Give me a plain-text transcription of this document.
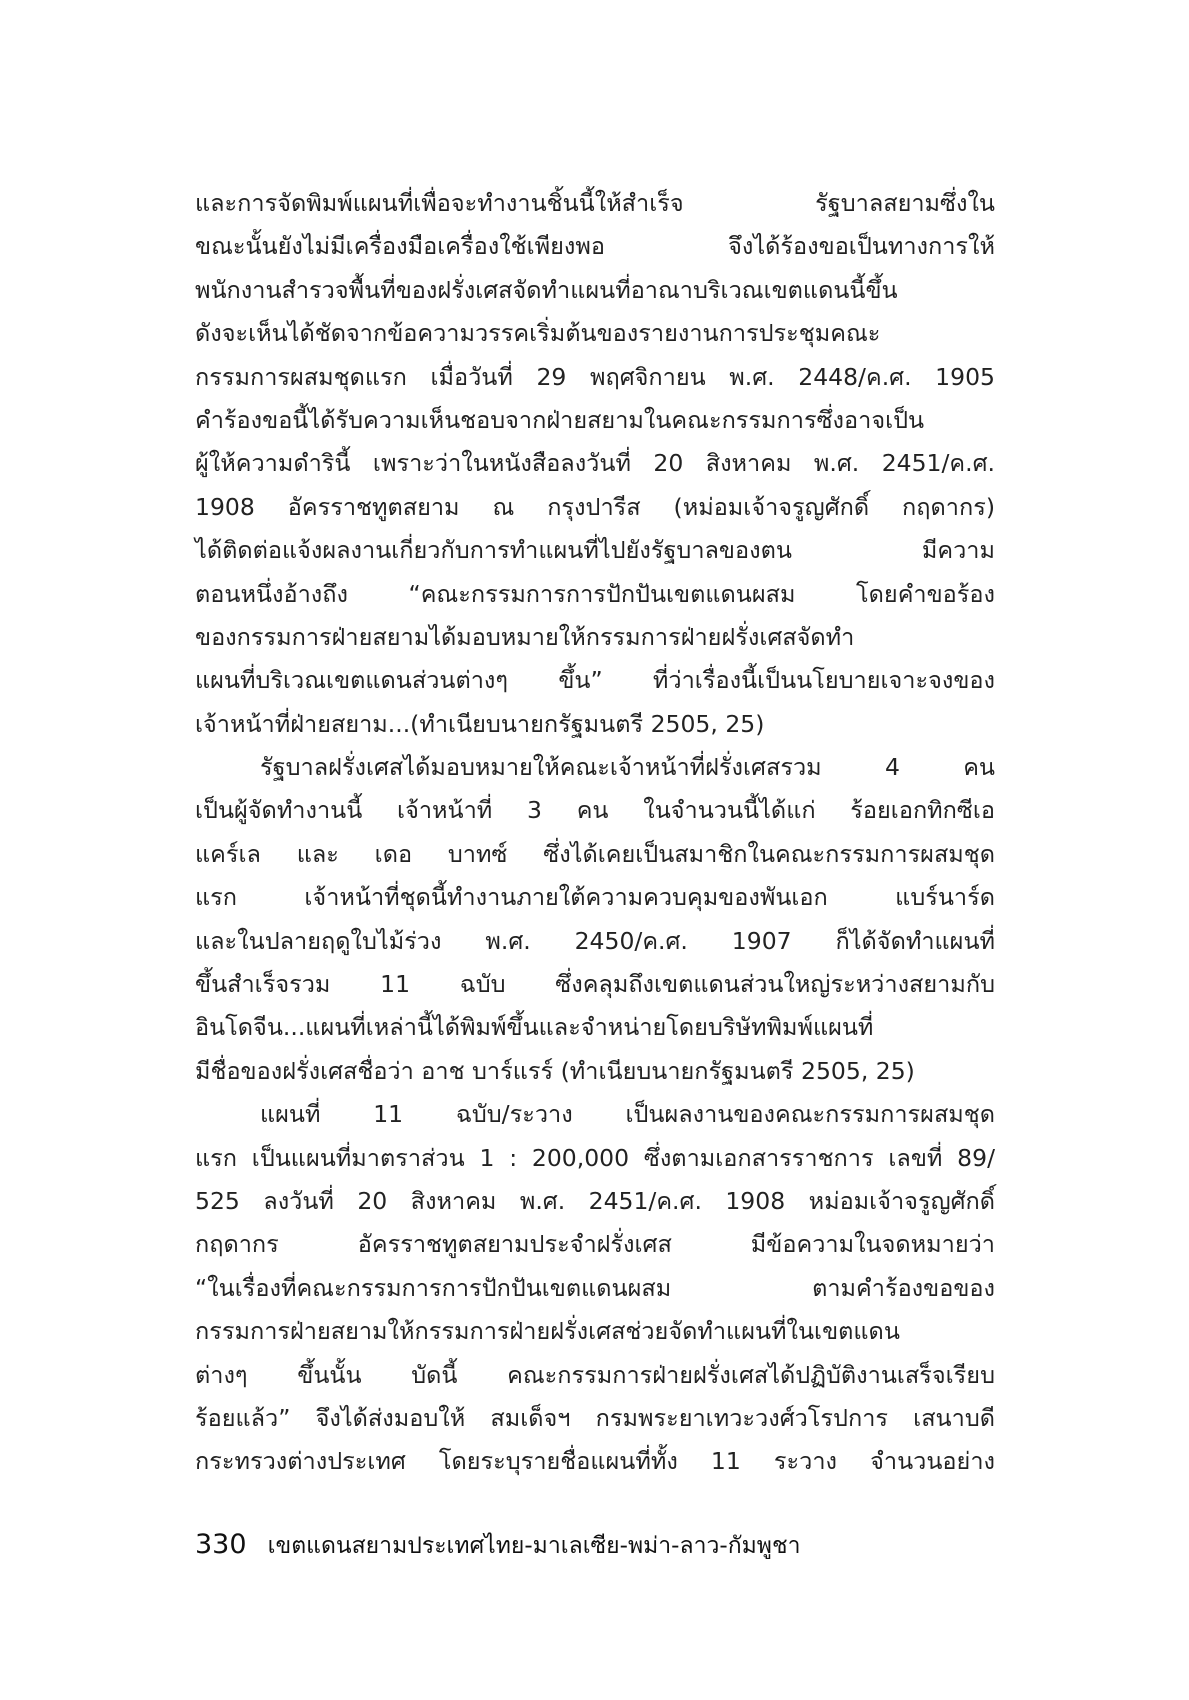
และการจัดพิมพ์แผนที่เพื่อจะทำงานชิ้นนี้ให้สำเร็จ รัฐบาลสยามซึ่งใน
ขณะนั้นยังไม่มีเครื่องมือเครื่องใช้เพียงพอ จึงได้ร้องขอเป็นทางการให้
พนักงานสำรวจพื้นที่ของฝรั่งเศสจัดทำแผนที่อาณาบริเวณเขตแดนนี้ขึ้น
ดังจะเห็นได้ชัดจากข้อความวรรคเริ่มต้นของรายงานการประชุมคณะ
กรรมการผสมชุดแรก เมื่อวันที่ 29 พฤศจิกายน พ.ศ. 2448/ค.ศ. 1905
คำร้องขอนี้ได้รับความเห็นชอบจากฝ่ายสยามในคณะกรรมการซึ่งอาจเป็น
ผู้ให้ความดำรินี้ เพราะว่าในหนังสือลงวันที่ 20 สิงหาคม พ.ศ. 2451/ค.ศ.
1908 อัครราชทูตสยาม ณ กรุงปารีส (หม่อมเจ้าจรูญศักดิ์ กฤดากร)
ได้ติดต่อแจ้งผลงานเกี่ยวกับการทำแผนที่ไปยังรัฐบาลของตน มีความ
ตอนหนึ่งอ้างถึง “คณะกรรมการการปักปันเขตแดนผสม โดยคำขอร้อง
ของกรรมการฝ่ายสยามได้มอบหมายให้กรรมการฝ่ายฝรั่งเศสจัดทำ
แผนที่บริเวณเขตแดนส่วนต่างๆ ขึ้น” ที่ว่าเรื่องนี้เป็นนโยบายเจาะจงของ
เจ้าหน้าที่ฝ่ายสยาม...(ทำเนียบนายกรัฐมนตรี 2505, 25)
รัฐบาลฝรั่งเศสได้มอบหมายให้คณะเจ้าหน้าที่ฝรั่งเศสรวม 4 คน
เป็นผู้จัดทำงานนี้ เจ้าหน้าที่ 3 คน ในจำนวนนี้ได้แก่ ร้อยเอกทิกซีเอ
แคร์เล และ เดอ บาทซ์ ซึ่งได้เคยเป็นสมาชิกในคณะกรรมการผสมชุด
แรก เจ้าหน้าที่ชุดนี้ทำงานภายใต้ความควบคุมของพันเอก แบร์นาร์ด
และในปลายฤดูใบไม้ร่วง พ.ศ. 2450/ค.ศ. 1907 ก็ได้จัดทำแผนที่
ขึ้นสำเร็จรวม 11 ฉบับ ซึ่งคลุมถึงเขตแดนส่วนใหญ่ระหว่างสยามกับ
อินโดจีน...แผนที่เหล่านี้ได้พิมพ์ขึ้นและจำหน่ายโดยบริษัทพิมพ์แผนที่
มีชื่อของฝรั่งเศสชื่อว่า อาช บาร์แรร์ (ทำเนียบนายกรัฐมนตรี 2505, 25)
แผนที่ 11 ฉบับ/ระวาง เป็นผลงานของคณะกรรมการผสมชุด
แรก เป็นแผนที่มาตราส่วน 1 : 200,000 ซึ่งตามเอกสารราชการ เลขที่ 89/
525 ลงวันที่ 20 สิงหาคม พ.ศ. 2451/ค.ศ. 1908 หม่อมเจ้าจรูญศักดิ์
กฤดากร อัครราชทูตสยามประจำฝรั่งเศส มีข้อความในจดหมายว่า
“ในเรื่องที่คณะกรรมการการปักปันเขตแดนผสม ตามคำร้องขอของ
กรรมการฝ่ายสยามให้กรรมการฝ่ายฝรั่งเศสช่วยจัดทำแผนที่ในเขตแดน
ต่างๆ ขึ้นนั้น บัดนี้ คณะกรรมการฝ่ายฝรั่งเศสได้ปฏิบัติงานเสร็จเรียบ
ร้อยแล้ว” จึงได้ส่งมอบให้ สมเด็จฯ กรมพระยาเทวะวงศ์วโรปการ เสนาบดี
กระทรวงต่างประเทศ โดยระบุรายชื่อแผนที่ทั้ง 11 ระวาง จำนวนอย่าง
330 เขตแดนสยามประเทศไทย-มาเลเซีย-พม่า-ลาว-กัมพูชา
